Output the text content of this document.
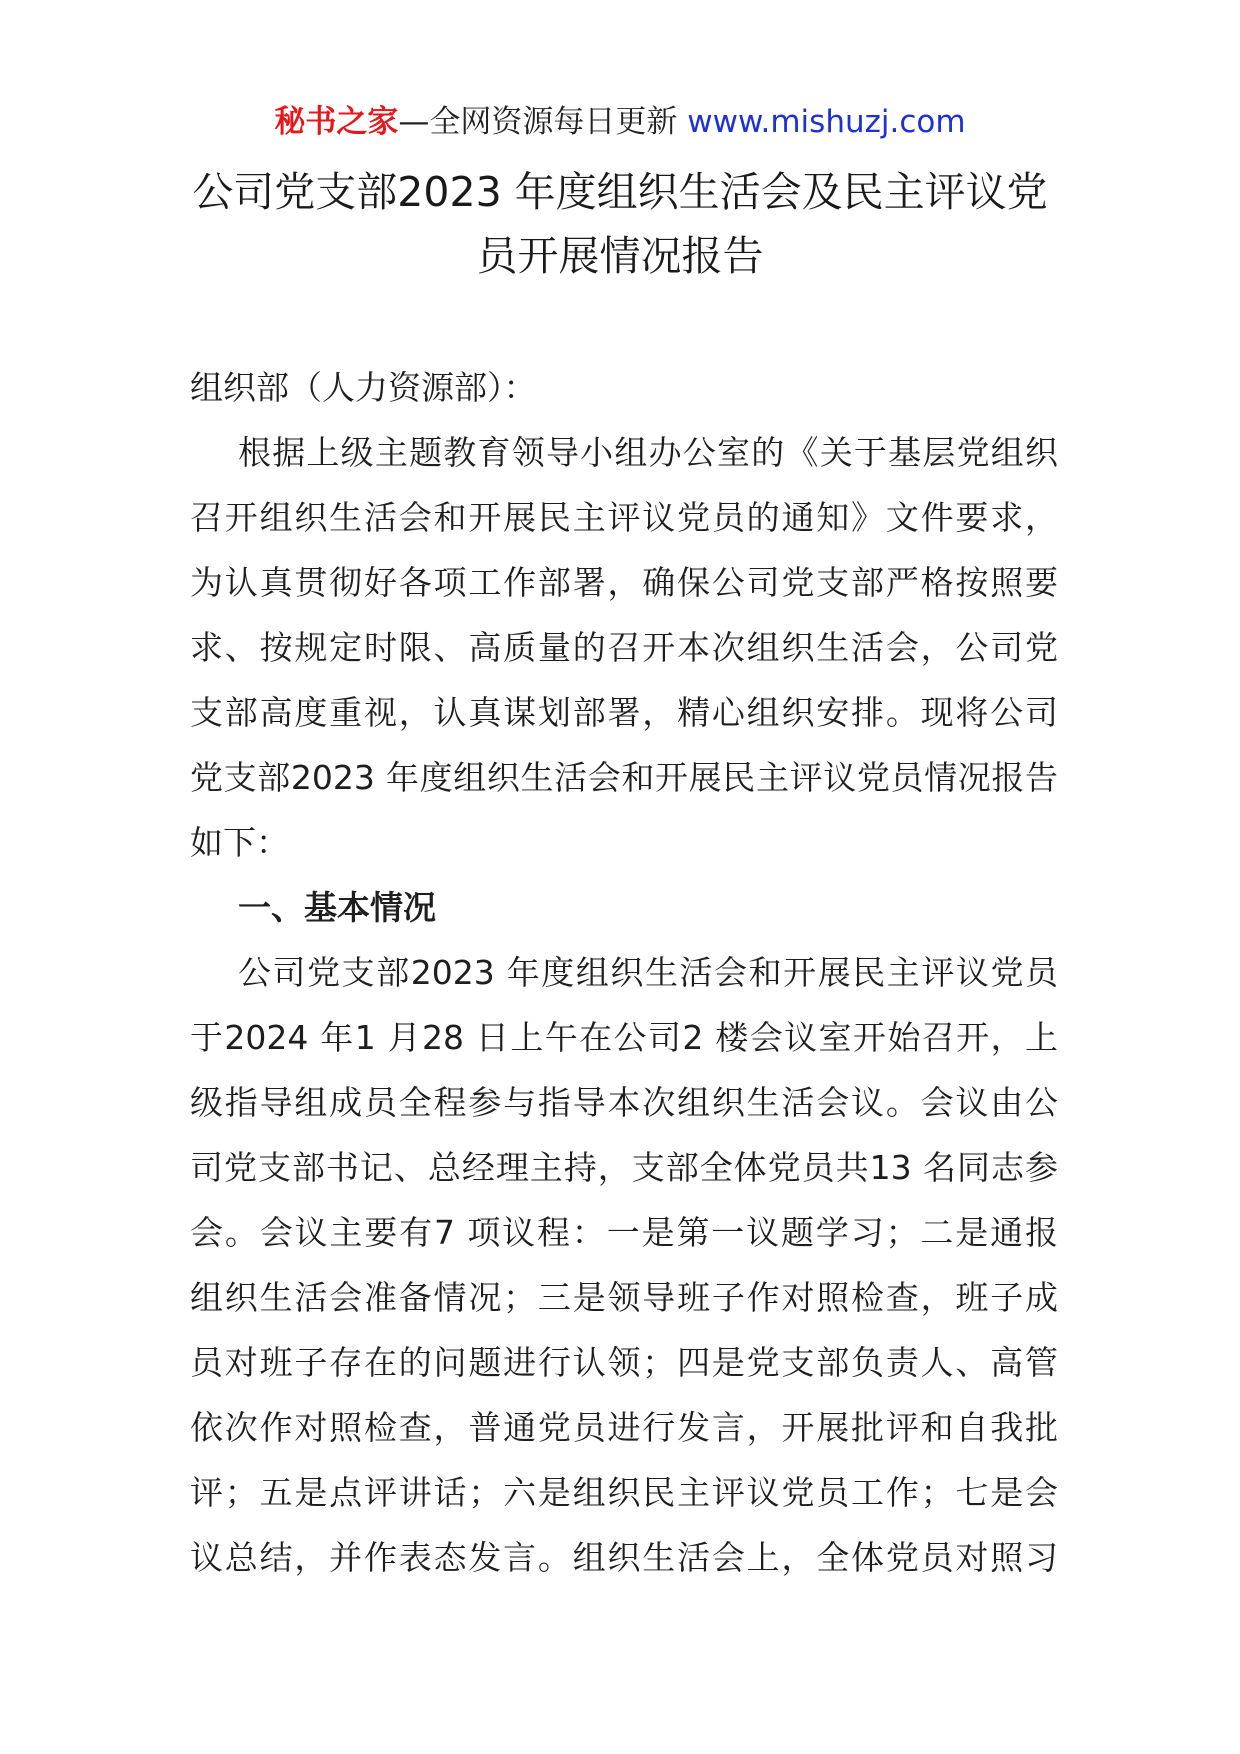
秘书之家—全网资源每日更新 www.mishuzj.com
公司党支部2023 年度组织生活会及民主评议党
员开展情况报告
组织部（人力资源部）：
根据上级主题教育领导小组办公室的《关于基层党组织
召开组织生活会和开展民主评议党员的通知》文件要求，
为认真贯彻好各项工作部署，确保公司党支部严格按照要
求、按规定时限、高质量的召开本次组织生活会，公司党
支部高度重视，认真谋划部署，精心组织安排。现将公司
党支部2023 年度组织生活会和开展民主评议党员情况报告
如下：
一、基本情况
公司党支部2023 年度组织生活会和开展民主评议党员
于2024 年1 月28 日上午在公司2 楼会议室开始召开，上
级指导组成员全程参与指导本次组织生活会议。会议由公
司党支部书记、总经理主持，支部全体党员共13 名同志参
会。会议主要有7 项议程：一是第一议题学习；二是通报
组织生活会准备情况；三是领导班子作对照检查，班子成
员对班子存在的问题进行认领；四是党支部负责人、高管
依次作对照检查，普通党员进行发言，开展批评和自我批
评；五是点评讲话；六是组织民主评议党员工作；七是会
议总结，并作表态发言。组织生活会上，全体党员对照习
